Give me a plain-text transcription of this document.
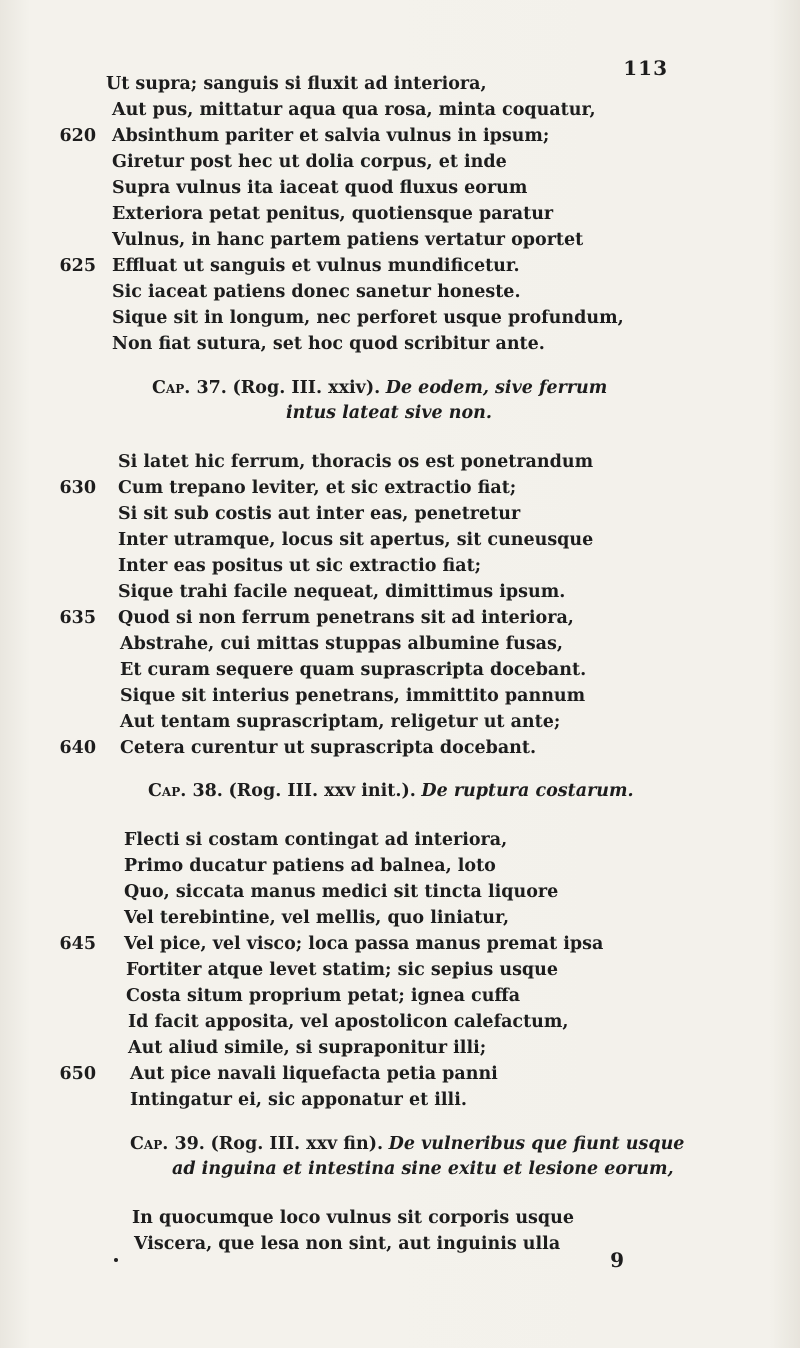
113
Ut supra; sanguis si fluxit ad interiora,
Aut pus, mittatur aqua qua rosa, minta coquatur,
620 Absinthum pariter et salvia vulnus in ipsum;
Giretur post hec ut dolia corpus, et inde
Supra vulnus ita iaceat quod fluxus eorum
Exteriora petat penitus, quotiensque paratur
Vulnus, in hanc partem patiens vertatur oportet
625 Effluat ut sanguis et vulnus mundificetur.
Sic iaceat patiens donec sanetur honeste.
Sique sit in longum, nec perforet usque profundum,
Non fiat sutura, set hoc quod scribitur ante.
Cap. 37. (Rog. III. xxiv). De eodem, sive ferrum
intus lateat sive non.
Si latet hic ferrum, thoracis os est ponetrandum
630 Cum trepano leviter, et sic extractio fiat;
Si sit sub costis aut inter eas, penetretur
Inter utramque, locus sit apertus, sit cuneusque
Inter eas positus ut sic extractio fiat;
Sique trahi facile nequeat, dimittimus ipsum.
635 Quod si non ferrum penetrans sit ad interiora,
Abstrahe, cui mittas stuppas albumine fusas,
Et curam sequere quam suprascripta docebant.
Sique sit interius penetrans, immittito pannum
Aut tentam suprascriptam, religetur ut ante;
640 Cetera curentur ut suprascripta docebant.
Cap. 38. (Rog. III. xxv init.). De ruptura costarum.
Flecti si costam contingat ad interiora,
Primo ducatur patiens ad balnea, loto
Quo, siccata manus medici sit tincta liquore
Vel terebintine, vel mellis, quo liniatur,
645 Vel pice, vel visco; loca passa manus premat ipsa
Fortiter atque levet statim; sic sepius usque
Costa situm proprium petat; ignea cuffa
Id facit apposita, vel apostolicon calefactum,
Aut aliud simile, si supraponitur illi;
650 Aut pice navali liquefacta petia panni
Intingatur ei, sic apponatur et illi.
Cap. 39. (Rog. III. xxv fin). De vulneribus que fiunt usque
ad inguina et intestina sine exitu et lesione eorum,
In quocumque loco vulnus sit corporis usque
Viscera, que lesa non sint, aut inguinis ulla
9
